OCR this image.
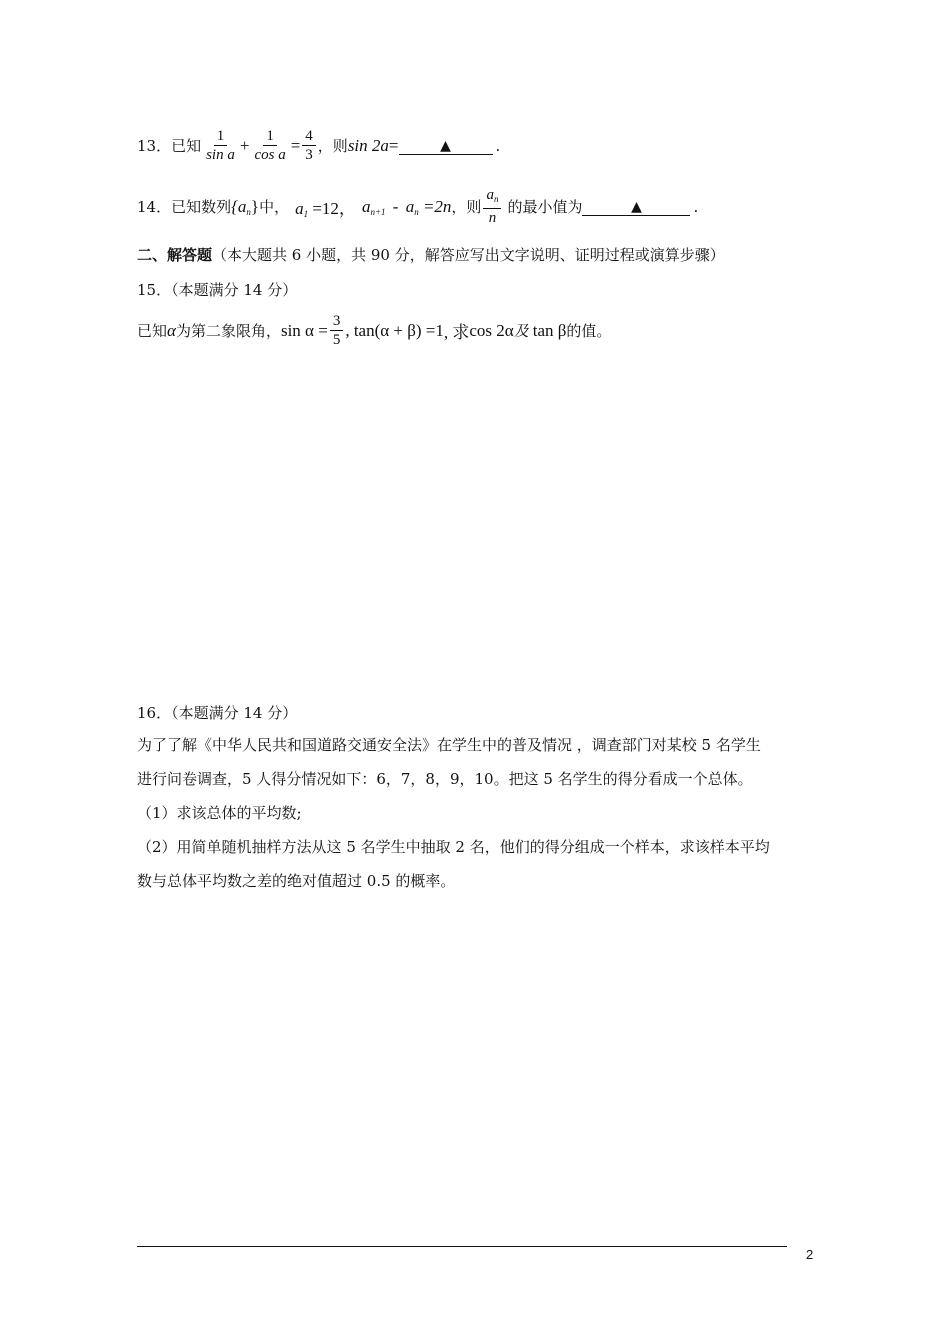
13．已知 $\frac{1}{\text{sin a}} + \frac{1}{\text{cos a}} = \frac{4}{3}$ ，则 sin 2a =	▲	.
14．已知数列 $\{a_n\}$ 中， $a_1 =12$， $a_{n+1} - a_n =2n$ ，则 $\frac{a_n}{n}$ 的最小值为	▲	.
二、解答题 （本大题共 6 小题，共 90 分，解答应写出文字说明、证明过程或演算步骤）
15．（本题满分 14 分）
已知 α 为第二象限角， $\sin \alpha = \frac{3}{5}$ , tan(α + β) =1 , 求 cos 2α 及 tan β 的值。
16．（本题满分 14 分）
为了了解《中华人民共和国道路交通安全法》在学生中的普及情况 ，调查部门对某校 5 名学生
进行问卷调查，5 人得分情况如下：6，7，8，9，10。把这 5 名学生的得分看成一个总体。
（1）求该总体的平均数;
（2）用简单随机抽样方法从这 5 名学生中抽取 2 名，他们的得分组成一个样本，求该样本平均
数与总体平均数之差的绝对值超过 0.5 的概率。
2
